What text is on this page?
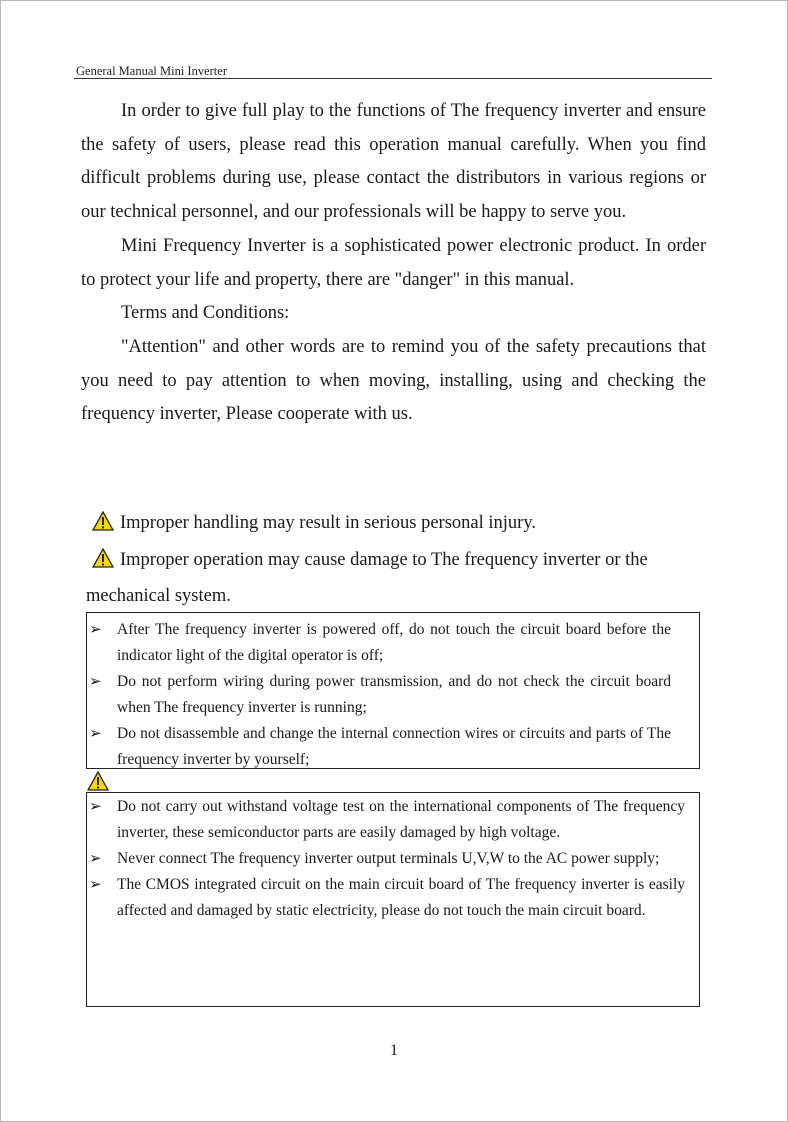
General Manual Mini Inverter

In order to give full play to the functions of The frequency inverter and ensure the safety of users, please read this operation manual carefully. When you find difficult problems during use, please contact the distributors in various regions or our technical personnel, and our professionals will be happy to serve you.

Mini Frequency Inverter is a sophisticated power electronic product. In order to protect your life and property, there are "danger" in this manual.

Terms and Conditions:

"Attention" and other words are to remind you of the safety precautions that you need to pay attention to when moving, installing, using and checking the frequency inverter, Please cooperate with us.

Improper handling may result in serious personal injury.

Improper operation may cause damage to The frequency inverter or the mechanical system.

➢ After The frequency inverter is powered off, do not touch the circuit board before the indicator light of the digital operator is off;
➢ Do not perform wiring during power transmission, and do not check the circuit board when The frequency inverter is running;
➢ Do not disassemble and change the internal connection wires or circuits and parts of The frequency inverter by yourself;
➢ Do not carry out withstand voltage test on the international components of The frequency inverter, these semiconductor parts are easily damaged by high voltage.
➢ Never connect The frequency inverter output terminals U,V,W to the AC power supply;
➢ The CMOS integrated circuit on the main circuit board of The frequency inverter is easily affected and damaged by static electricity, please do not touch the main circuit board.
1
